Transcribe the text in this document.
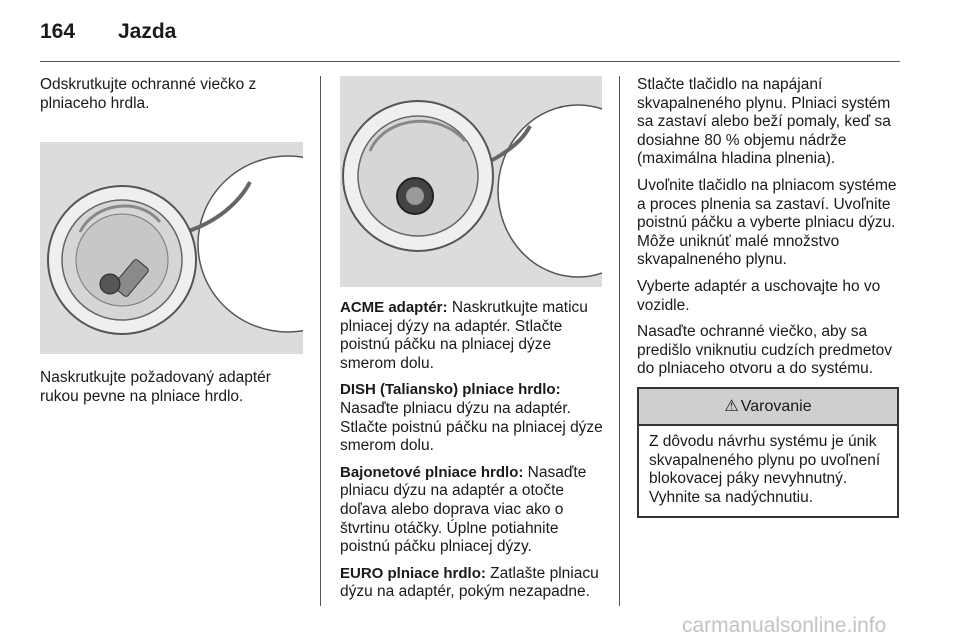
164 Jazda

Odskrutkujte ochranné viečko z plniaceho hrdla.

Naskrutkujte požadovaný adaptér rukou pevne na plniace hrdlo.

ACME adaptér: Naskrutkujte maticu plniacej dýzy na adaptér. Stlačte poistnú páčku na plniacej dýze smerom dolu.

DISH (Taliansko) plniace hrdlo: Nasaďte plniacu dýzu na adaptér. Stlačte poistnú páčku na plniacej dýze smerom dolu.

Bajonetové plniace hrdlo: Nasaďte plniacu dýzu na adaptér a otočte doľava alebo doprava viac ako o štvrtinu otáčky. Úplne potiahnite poistnú páčku plniacej dýzy.

EURO plniace hrdlo: Zatlašte plniacu dýzu na adaptér, pokým nezapadne.

Stlačte tlačidlo na napájaní skvapalneného plynu. Plniaci systém sa zastaví alebo beží pomaly, keď sa dosiahne 80 % objemu nádrže (maximálna hladina plnenia).

Uvoľnite tlačidlo na plniacom systéme a proces plnenia sa zastaví. Uvoľnite poistnú páčku a vyberte plniacu dýzu. Môže uniknúť malé množstvo skvapalneného plynu.

Vyberte adaptér a uschovajte ho vo vozidle.

Nasaďte ochranné viečko, aby sa predišlo vniknutiu cudzích predmetov do plniaceho otvoru a do systému.

⚠ Varovanie
Z dôvodu návrhu systému je únik skvapalneného plynu po uvoľnení blokovacej páky nevyhnutný. Vyhnite sa nadýchnutiu.
carmanualsonline.info
